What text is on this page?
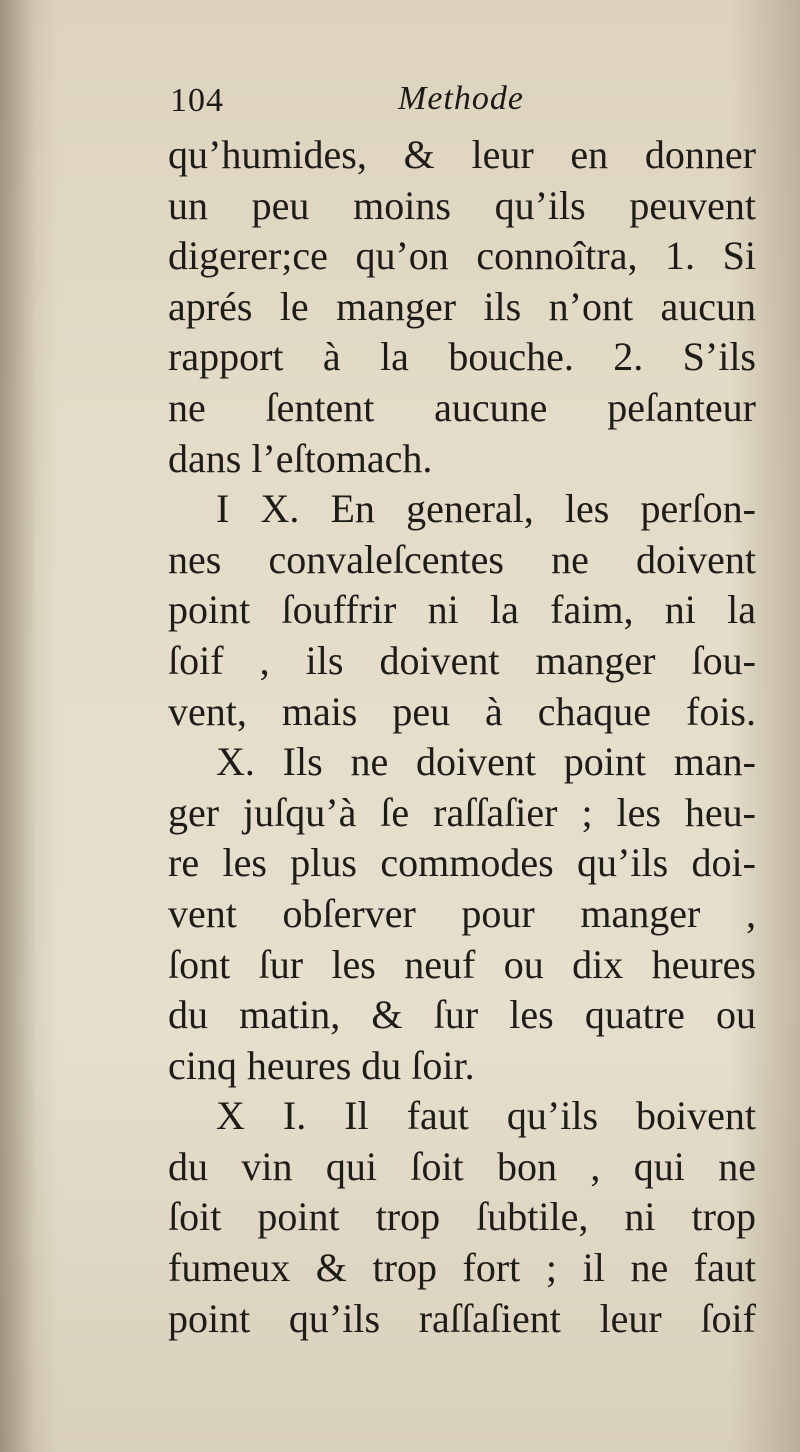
104	Methode
qu’humides, & leur en donner
un peu moins qu’ils peuvent
digerer;ce qu’on connoîtra, 1. Si
aprés le manger ils n’ont aucun
rapport à la bouche. 2. S’ils
ne ſentent aucune peſanteur
dans l’eſtomach.
I X. En general, les perſon-
nes convaleſcentes ne doivent
point ſouffrir ni la faim, ni la
ſoif , ils doivent manger ſou-
vent, mais peu à chaque fois.
X. Ils ne doivent point man-
ger juſqu’à ſe raſſaſier ; les heu-
re les plus commodes qu’ils doi-
vent obſerver pour manger ,
ſont ſur les neuf ou dix heures
du matin, & ſur les quatre ou
cinq heures du ſoir.
X I. Il faut qu’ils boivent
du vin qui ſoit bon , qui ne
ſoit point trop ſubtile, ni trop
fumeux & trop fort ; il ne faut
point qu’ils raſſaſient leur ſoif
